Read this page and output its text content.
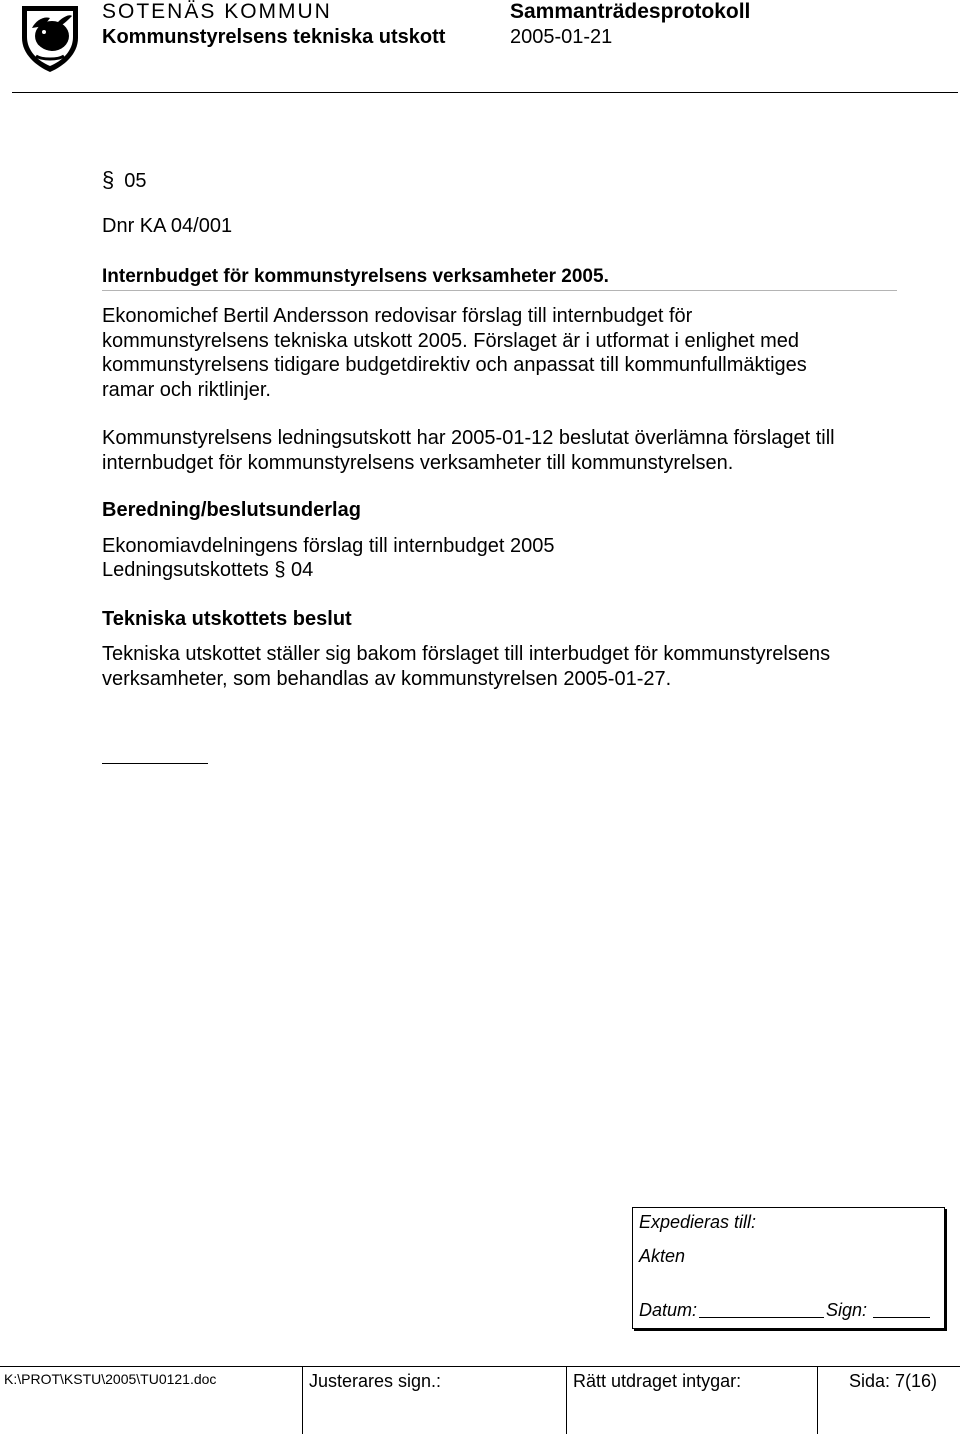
SOTENÄS KOMMUN
Kommunstyrelsens tekniska utskott
Sammanträdesprotokoll
2005-01-21
§ 05
Dnr KA 04/001
Internbudget för kommunstyrelsens verksamheter 2005.
Ekonomichef Bertil Andersson redovisar förslag till internbudget för
kommunstyrelsens tekniska utskott 2005. Förslaget är i utformat i enlighet med
kommunstyrelsens tidigare budgetdirektiv och anpassat till kommunfullmäktiges
ramar och riktlinjer.
Kommunstyrelsens ledningsutskott har 2005-01-12 beslutat överlämna förslaget till
internbudget för kommunstyrelsens verksamheter till kommunstyrelsen.
Beredning/beslutsunderlag
Ekonomiavdelningens förslag till internbudget 2005
Ledningsutskottets § 04
Tekniska utskottets beslut
Tekniska utskottet ställer sig bakom förslaget till interbudget för kommunstyrelsens
verksamheter, som behandlas av kommunstyrelsen 2005-01-27.
Expedieras till:
Akten
Datum:	Sign:
K:\PROT\KSTU\2005\TU0121.doc	Justerares sign.:	Rätt utdraget intygar:	Sida: 7(16)
